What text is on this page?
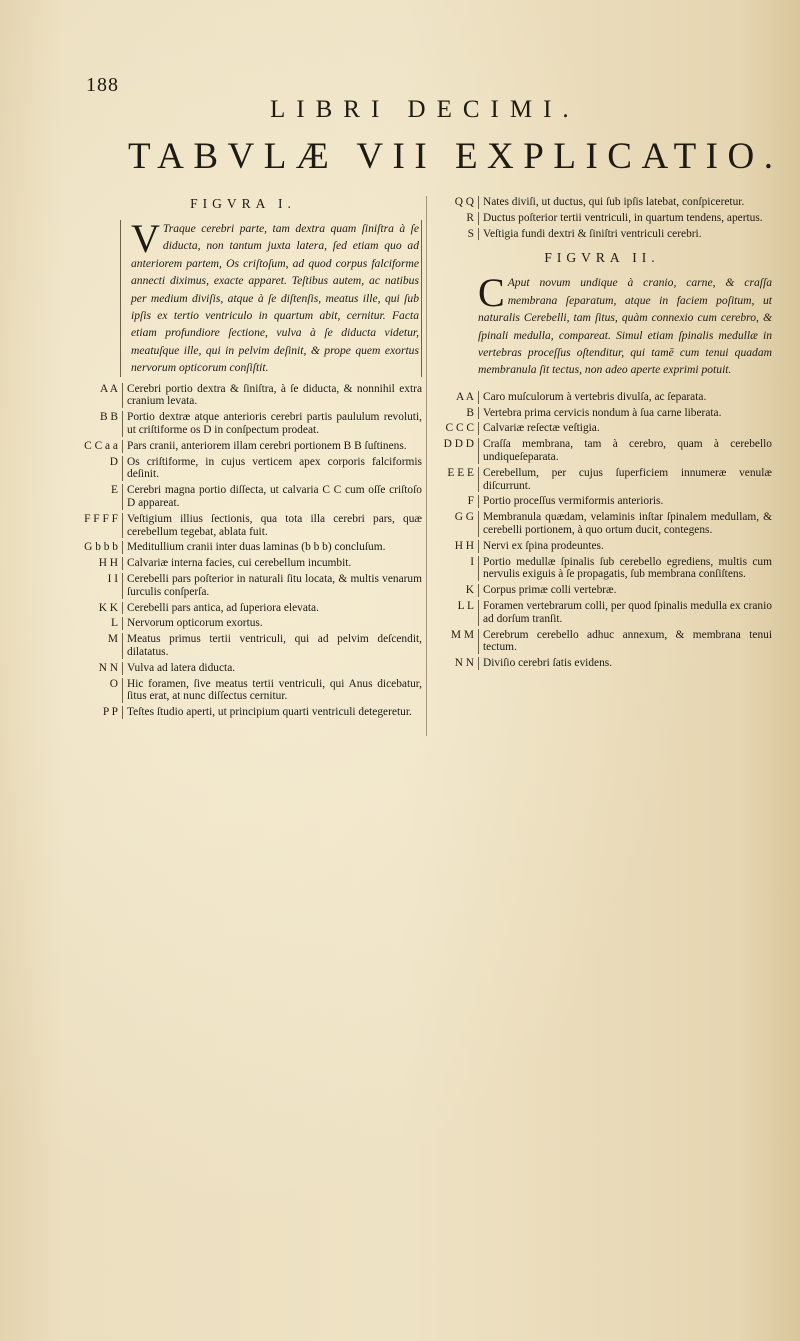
188
LIBRI DECIMI.
TABVLÆ VII EXPLICATIO.
FIGVRA I.
V Traque cerebri parte, tam dextra quam ſiniſtra à ſe diducta, non tantum juxta latera, ſed etiam quo ad anteriorem partem, Os criſtoſum, ad quod corpus falciforme annecti diximus, exacte apparet. Teſtibus autem, ac natibus per medium diviſis, atque à ſe diſtenſis, meatus ille, qui ſub ipſis ex tertio ventriculo in quartum abit, cernitur. Facta etiam profundiore ſectione, vulva à ſe diducta videtur, meatuſque ille, qui in pelvim deſinit, & prope quem exortus nervorum opticorum conſiſtit.
A A Cerebri portio dextra & ſiniſtra, à ſe diducta, & nonnihil extra cranium levata.
B B Portio dextræ atque anterioris cerebri partis paululum revoluti, ut criſtiforme os D in conſpectum prodeat.
C C a a Pars cranii, anteriorem illam cerebri portionem B B ſuſtinens.
D Os criſtiforme, in cujus verticem apex corporis falciformis deſinit.
E Cerebri magna portio diſſecta, ut calvaria C C cum oſſe criſtoſo D appareat.
F F F F Veſtigium illius ſectionis, qua tota illa cerebri pars, quæ cerebellum tegebat, ablata fuit.
G b b b Meditullium cranii inter duas laminas (b b b) concluſum.
H H Calvariæ interna facies, cui cerebellum incumbit.
I I Cerebelli pars poſterior in naturali ſitu locata, & multis venarum ſurculis conſperſa.
K K Cerebelli pars antica, ad ſuperiora elevata.
L Nervorum opticorum exortus.
M Meatus primus tertii ventriculi, qui ad pelvim deſcendit, dilatatus.
N N Vulva ad latera diducta.
O Hic foramen, ſive meatus tertii ventriculi, qui Anus dicebatur, ſitus erat, at nunc diſſectus cernitur.
P P Teſtes ſtudio aperti, ut principium quarti ventriculi detegeretur.
Q Q Nates diviſi, ut ductus, qui ſub ipſis latebat, conſpiceretur.
R Ductus poſterior tertii ventriculi, in quartum tendens, apertus.
S Veſtigia fundi dextri & ſiniſtri ventriculi cerebri.
FIGVRA II.
C Aput novum undique à cranio, carne, & craſſa membrana ſeparatum, atque in faciem poſitum, ut naturalis Cerebelli, tam ſitus, quàm connexio cum cerebro, & ſpinali medulla, compareat. Simul etiam ſpinalis medullæ in vertebras proceſſus oſtenditur, qui tamē cum tenui quadam membranula ſit tectus, non adeo aperte exprimi potuit.
A A Caro muſculorum à vertebris divulſa, ac ſeparata.
B Vertebra prima cervicis nondum à ſua carne liberata.
C C C Calvariæ reſectæ veſtigia.
D D D Craſſa membrana, tam à cerebro, quam à cerebello undiqueſeparata.
E E E Cerebellum, per cujus ſuperficiem innumeræ venulæ diſcurrunt.
F Portio proceſſus vermiformis anterioris.
G G Membranula quædam, velaminis inſtar ſpinalem medullam, & cerebelli portionem, à quo ortum ducit, contegens.
H H Nervi ex ſpina prodeuntes.
I Portio medullæ ſpinalis ſub cerebello egrediens, multis cum nervulis exiguis à ſe propagatis, ſub membrana conſiſtens.
K Corpus primæ colli vertebræ.
L L Foramen vertebrarum colli, per quod ſpinalis medulla ex cranio ad dorſum tranſit.
M M Cerebrum cerebello adhuc annexum, & membrana tenui tectum.
N N Diviſio cerebri ſatis evidens.
